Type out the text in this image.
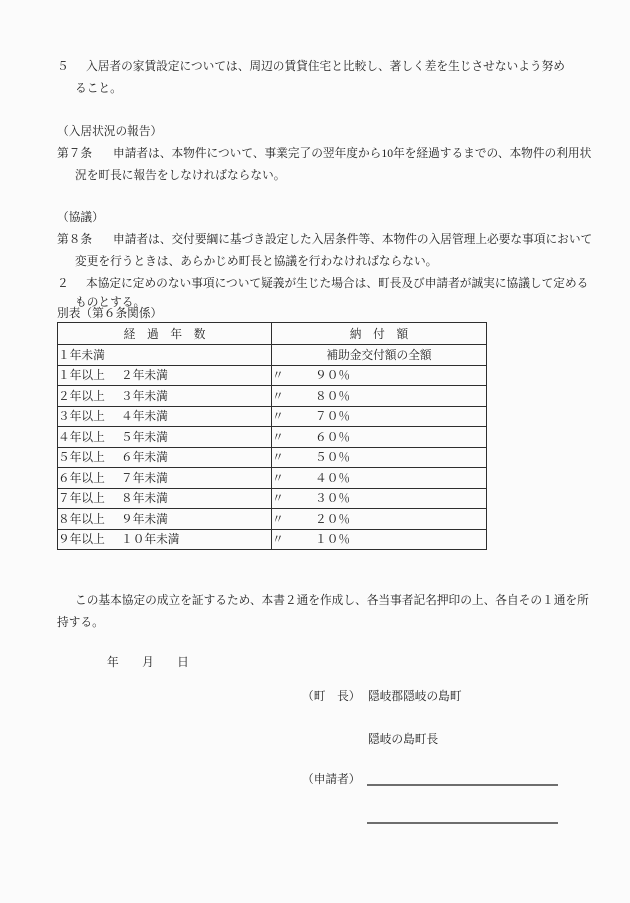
５ 入居者の家賃設定については、周辺の賃貸住宅と比較し、著しく差を生じさせないよう努め
ること。
（入居状況の報告）
第７条 申請者は、本物件について、事業完了の翌年度から10年を経過するまでの、本物件の利用状
況を町長に報告をしなければならない。
（協議）
第８条 申請者は、交付要綱に基づき設定した入居条件等、本物件の入居管理上必要な事項において
変更を行うときは、あらかじめ町長と協議を行わなければならない。
２ 本協定に定めのない事項について疑義が生じた場合は、町長及び申請者が誠実に協議して定める
ものとする。
別表（第６条関係）
経　過　年　数	納　付　額
１年未満	補助金交付額の全額
１年以上 ２年未満	〃 ９０％
２年以上 ３年未満	〃 ８０％
３年以上 ４年未満	〃 ７０％
４年以上 ５年未満	〃 ６０％
５年以上 ６年未満	〃 ５０％
６年以上 ７年未満	〃 ４０％
７年以上 ８年未満	〃 ３０％
８年以上 ９年未満	〃 ２０％
９年以上 １０年未満	〃 １０％
この基本協定の成立を証するため、本書２通を作成し、各当事者記名押印の上、各自その１通を所
持する。
年　　月　　日
（町　長） 隠岐郡隠岐の島町
隠岐の島町長
（申請者）
